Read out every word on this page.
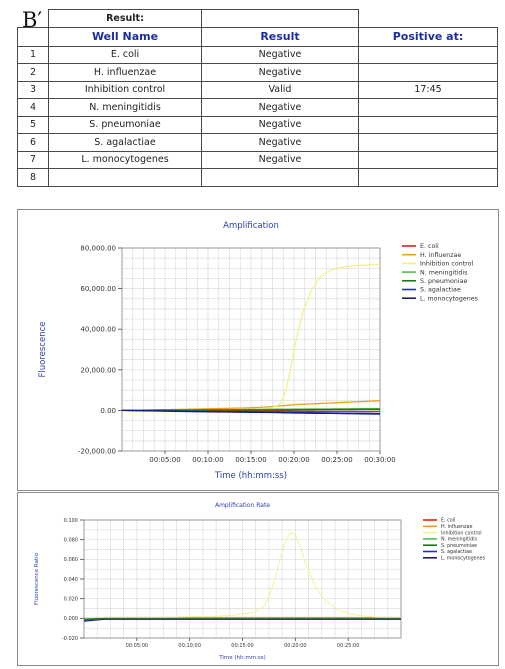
	Result:		
	Well Name	Result	Positive at:
1	E. coli	Negative	
2	H. influenzae	Negative	
3	Inhibition control	Valid	17:45
4	N. meningitidis	Negative	
5	S. pneumoniae	Negative	
6	S. agalactiae	Negative	
7	L. monocytogenes	Negative	
8			
B′
Amplification
80,000.00
60,000.00
40,000.00
20,000.00
0.00
-20,000.00
00:05:00 00:10:00 00:15:00 00:20:00 00:25:00 00:30:00
Time (hh:mm:ss)
Fluorescence
E. coli
H. influenzae
Inhibition control
N. meningitidis
S. pneumoniae
S. agalactiae
L. monocytogenes
Amplification Rate
0.100
0.080
0.060
0.040
0.020
0.000
-0.020
00:05:00	00:10:00	00:15:00	00:20:00	00:25:00
Time (hh:mm:ss)
Fluorescence Ratio
E. coli
H. influenzae
Inhibition control
N. meningitidis
S. pneumoniae
S. agalactiae
L. monocytogenes
